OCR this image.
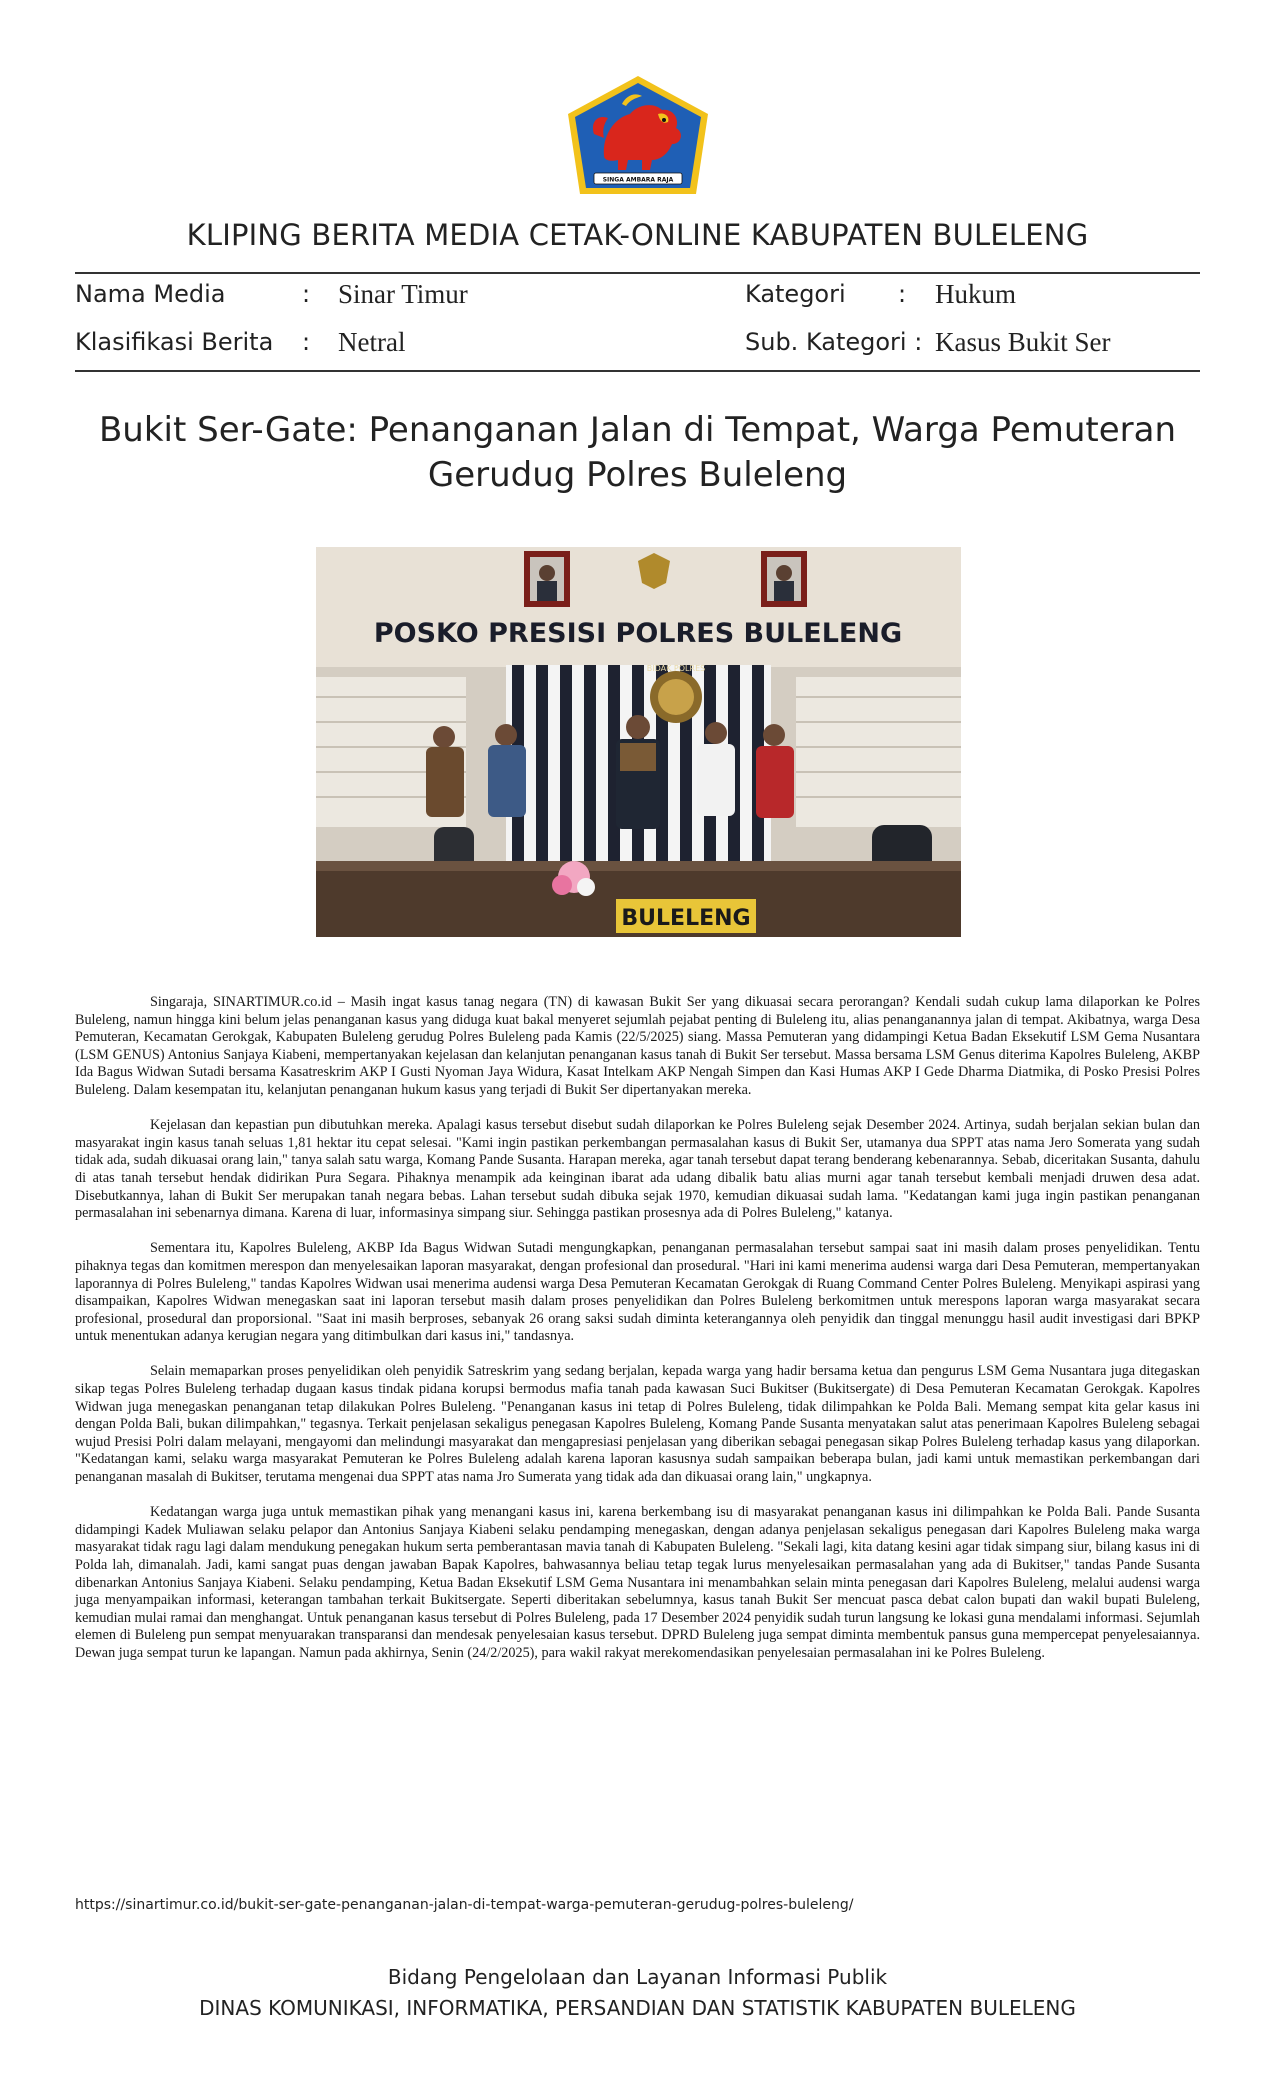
SINGA AMBARA RAJA
KLIPING BERITA MEDIA CETAK-ONLINE KABUPATEN BULELENG
Nama Media	: Sinar Timur	Kategori : Hukum
Klasifikasi Berita : Netral	Sub. Kategori : Kasus Bukit Ser
Bukit Ser-Gate: Penanganan Jalan di Tempat, Warga Pemuteran Gerudug Polres Buleleng
BIDAK POLRES
POSKO PRESISI POLRES BULELENG
BULELENG

Singaraja, SINARTIMUR.co.id – Masih ingat kasus tanag negara (TN) di kawasan Bukit Ser yang dikuasai secara perorangan? Kendali sudah cukup lama dilaporkan ke Polres Buleleng, namun hingga kini belum jelas penanganan kasus yang diduga kuat bakal menyeret sejumlah pejabat penting di Buleleng itu, alias penanganannya jalan di tempat. Akibatnya, warga Desa Pemuteran, Kecamatan Gerokgak, Kabupaten Buleleng gerudug Polres Buleleng pada Kamis (22/5/2025) siang. Massa Pemuteran yang didampingi Ketua Badan Eksekutif LSM Gema Nusantara (LSM GENUS) Antonius Sanjaya Kiabeni, mempertanyakan kejelasan dan kelanjutan penanganan kasus tanah di Bukit Ser tersebut. Massa bersama LSM Genus diterima Kapolres Buleleng, AKBP Ida Bagus Widwan Sutadi bersama Kasatreskrim AKP I Gusti Nyoman Jaya Widura, Kasat Intelkam AKP Nengah Simpen dan Kasi Humas AKP I Gede Dharma Diatmika, di Posko Presisi Polres Buleleng. Dalam kesempatan itu, kelanjutan penanganan hukum kasus yang terjadi di Bukit Ser dipertanyakan mereka.

Kejelasan dan kepastian pun dibutuhkan mereka. Apalagi kasus tersebut disebut sudah dilaporkan ke Polres Buleleng sejak Desember 2024. Artinya, sudah berjalan sekian bulan dan masyarakat ingin kasus tanah seluas 1,81 hektar itu cepat selesai. "Kami ingin pastikan perkembangan permasalahan kasus di Bukit Ser, utamanya dua SPPT atas nama Jero Somerata yang sudah tidak ada, sudah dikuasai orang lain," tanya salah satu warga, Komang Pande Susanta. Harapan mereka, agar tanah tersebut dapat terang benderang kebenarannya. Sebab, diceritakan Susanta, dahulu di atas tanah tersebut hendak didirikan Pura Segara. Pihaknya menampik ada keinginan ibarat ada udang dibalik batu alias murni agar tanah tersebut kembali menjadi druwen desa adat. Disebutkannya, lahan di Bukit Ser merupakan tanah negara bebas. Lahan tersebut sudah dibuka sejak 1970, kemudian dikuasai sudah lama. "Kedatangan kami juga ingin pastikan penanganan permasalahan ini sebenarnya dimana. Karena di luar, informasinya simpang siur. Sehingga pastikan prosesnya ada di Polres Buleleng," katanya.

Sementara itu, Kapolres Buleleng, AKBP Ida Bagus Widwan Sutadi mengungkapkan, penanganan permasalahan tersebut sampai saat ini masih dalam proses penyelidikan. Tentu pihaknya tegas dan komitmen merespon dan menyelesaikan laporan masyarakat, dengan profesional dan prosedural. "Hari ini kami menerima audensi warga dari Desa Pemuteran, mempertanyakan laporannya di Polres Buleleng," tandas Kapolres Widwan usai menerima audensi warga Desa Pemuteran Kecamatan Gerokgak di Ruang Command Center Polres Buleleng. Menyikapi aspirasi yang disampaikan, Kapolres Widwan menegaskan saat ini laporan tersebut masih dalam proses penyelidikan dan Polres Buleleng berkomitmen untuk merespons laporan warga masyarakat secara profesional, prosedural dan proporsional. "Saat ini masih berproses, sebanyak 26 orang saksi sudah diminta keterangannya oleh penyidik dan tinggal menunggu hasil audit investigasi dari BPKP untuk menentukan adanya kerugian negara yang ditimbulkan dari kasus ini," tandasnya.

Selain memaparkan proses penyelidikan oleh penyidik Satreskrim yang sedang berjalan, kepada warga yang hadir bersama ketua dan pengurus LSM Gema Nusantara juga ditegaskan sikap tegas Polres Buleleng terhadap dugaan kasus tindak pidana korupsi bermodus mafia tanah pada kawasan Suci Bukitser (Bukitsergate) di Desa Pemuteran Kecamatan Gerokgak. Kapolres Widwan juga menegaskan penanganan tetap dilakukan Polres Buleleng. "Penanganan kasus ini tetap di Polres Buleleng, tidak dilimpahkan ke Polda Bali. Memang sempat kita gelar kasus ini dengan Polda Bali, bukan dilimpahkan," tegasnya. Terkait penjelasan sekaligus penegasan Kapolres Buleleng, Komang Pande Susanta menyatakan salut atas penerimaan Kapolres Buleleng sebagai wujud Presisi Polri dalam melayani, mengayomi dan melindungi masyarakat dan mengapresiasi penjelasan yang diberikan sebagai penegasan sikap Polres Buleleng terhadap kasus yang dilaporkan. "Kedatangan kami, selaku warga masyarakat Pemuteran ke Polres Buleleng adalah karena laporan kasusnya sudah sampaikan beberapa bulan, jadi kami untuk memastikan perkembangan dari penanganan masalah di Bukitser, terutama mengenai dua SPPT atas nama Jro Sumerata yang tidak ada dan dikuasai orang lain," ungkapnya.

Kedatangan warga juga untuk memastikan pihak yang menangani kasus ini, karena berkembang isu di masyarakat penanganan kasus ini dilimpahkan ke Polda Bali. Pande Susanta didampingi Kadek Muliawan selaku pelapor dan Antonius Sanjaya Kiabeni selaku pendamping menegaskan, dengan adanya penjelasan sekaligus penegasan dari Kapolres Buleleng maka warga masyarakat tidak ragu lagi dalam mendukung penegakan hukum serta pemberantasan mavia tanah di Kabupaten Buleleng. "Sekali lagi, kita datang kesini agar tidak simpang siur, bilang kasus ini di Polda lah, dimanalah. Jadi, kami sangat puas dengan jawaban Bapak Kapolres, bahwasannya beliau tetap tegak lurus menyelesaikan permasalahan yang ada di Bukitser," tandas Pande Susanta dibenarkan Antonius Sanjaya Kiabeni. Selaku pendamping, Ketua Badan Eksekutif LSM Gema Nusantara ini menambahkan selain minta penegasan dari Kapolres Buleleng, melalui audensi warga juga menyampaikan informasi, keterangan tambahan terkait Bukitsergate. Seperti diberitakan sebelumnya, kasus tanah Bukit Ser mencuat pasca debat calon bupati dan wakil bupati Buleleng, kemudian mulai ramai dan menghangat. Untuk penanganan kasus tersebut di Polres Buleleng, pada 17 Desember 2024 penyidik sudah turun langsung ke lokasi guna mendalami informasi. Sejumlah elemen di Buleleng pun sempat menyuarakan transparansi dan mendesak penyelesaian kasus tersebut. DPRD Buleleng juga sempat diminta membentuk pansus guna mempercepat penyelesaiannya. Dewan juga sempat turun ke lapangan. Namun pada akhirnya, Senin (24/2/2025), para wakil rakyat merekomendasikan penyelesaian permasalahan ini ke Polres Buleleng.

https://sinartimur.co.id/bukit-ser-gate-penanganan-jalan-di-tempat-warga-pemuteran-gerudug-polres-buleleng/
Bidang Pengelolaan dan Layanan Informasi Publik
DINAS KOMUNIKASI, INFORMATIKA, PERSANDIAN DAN STATISTIK KABUPATEN BULELENG
